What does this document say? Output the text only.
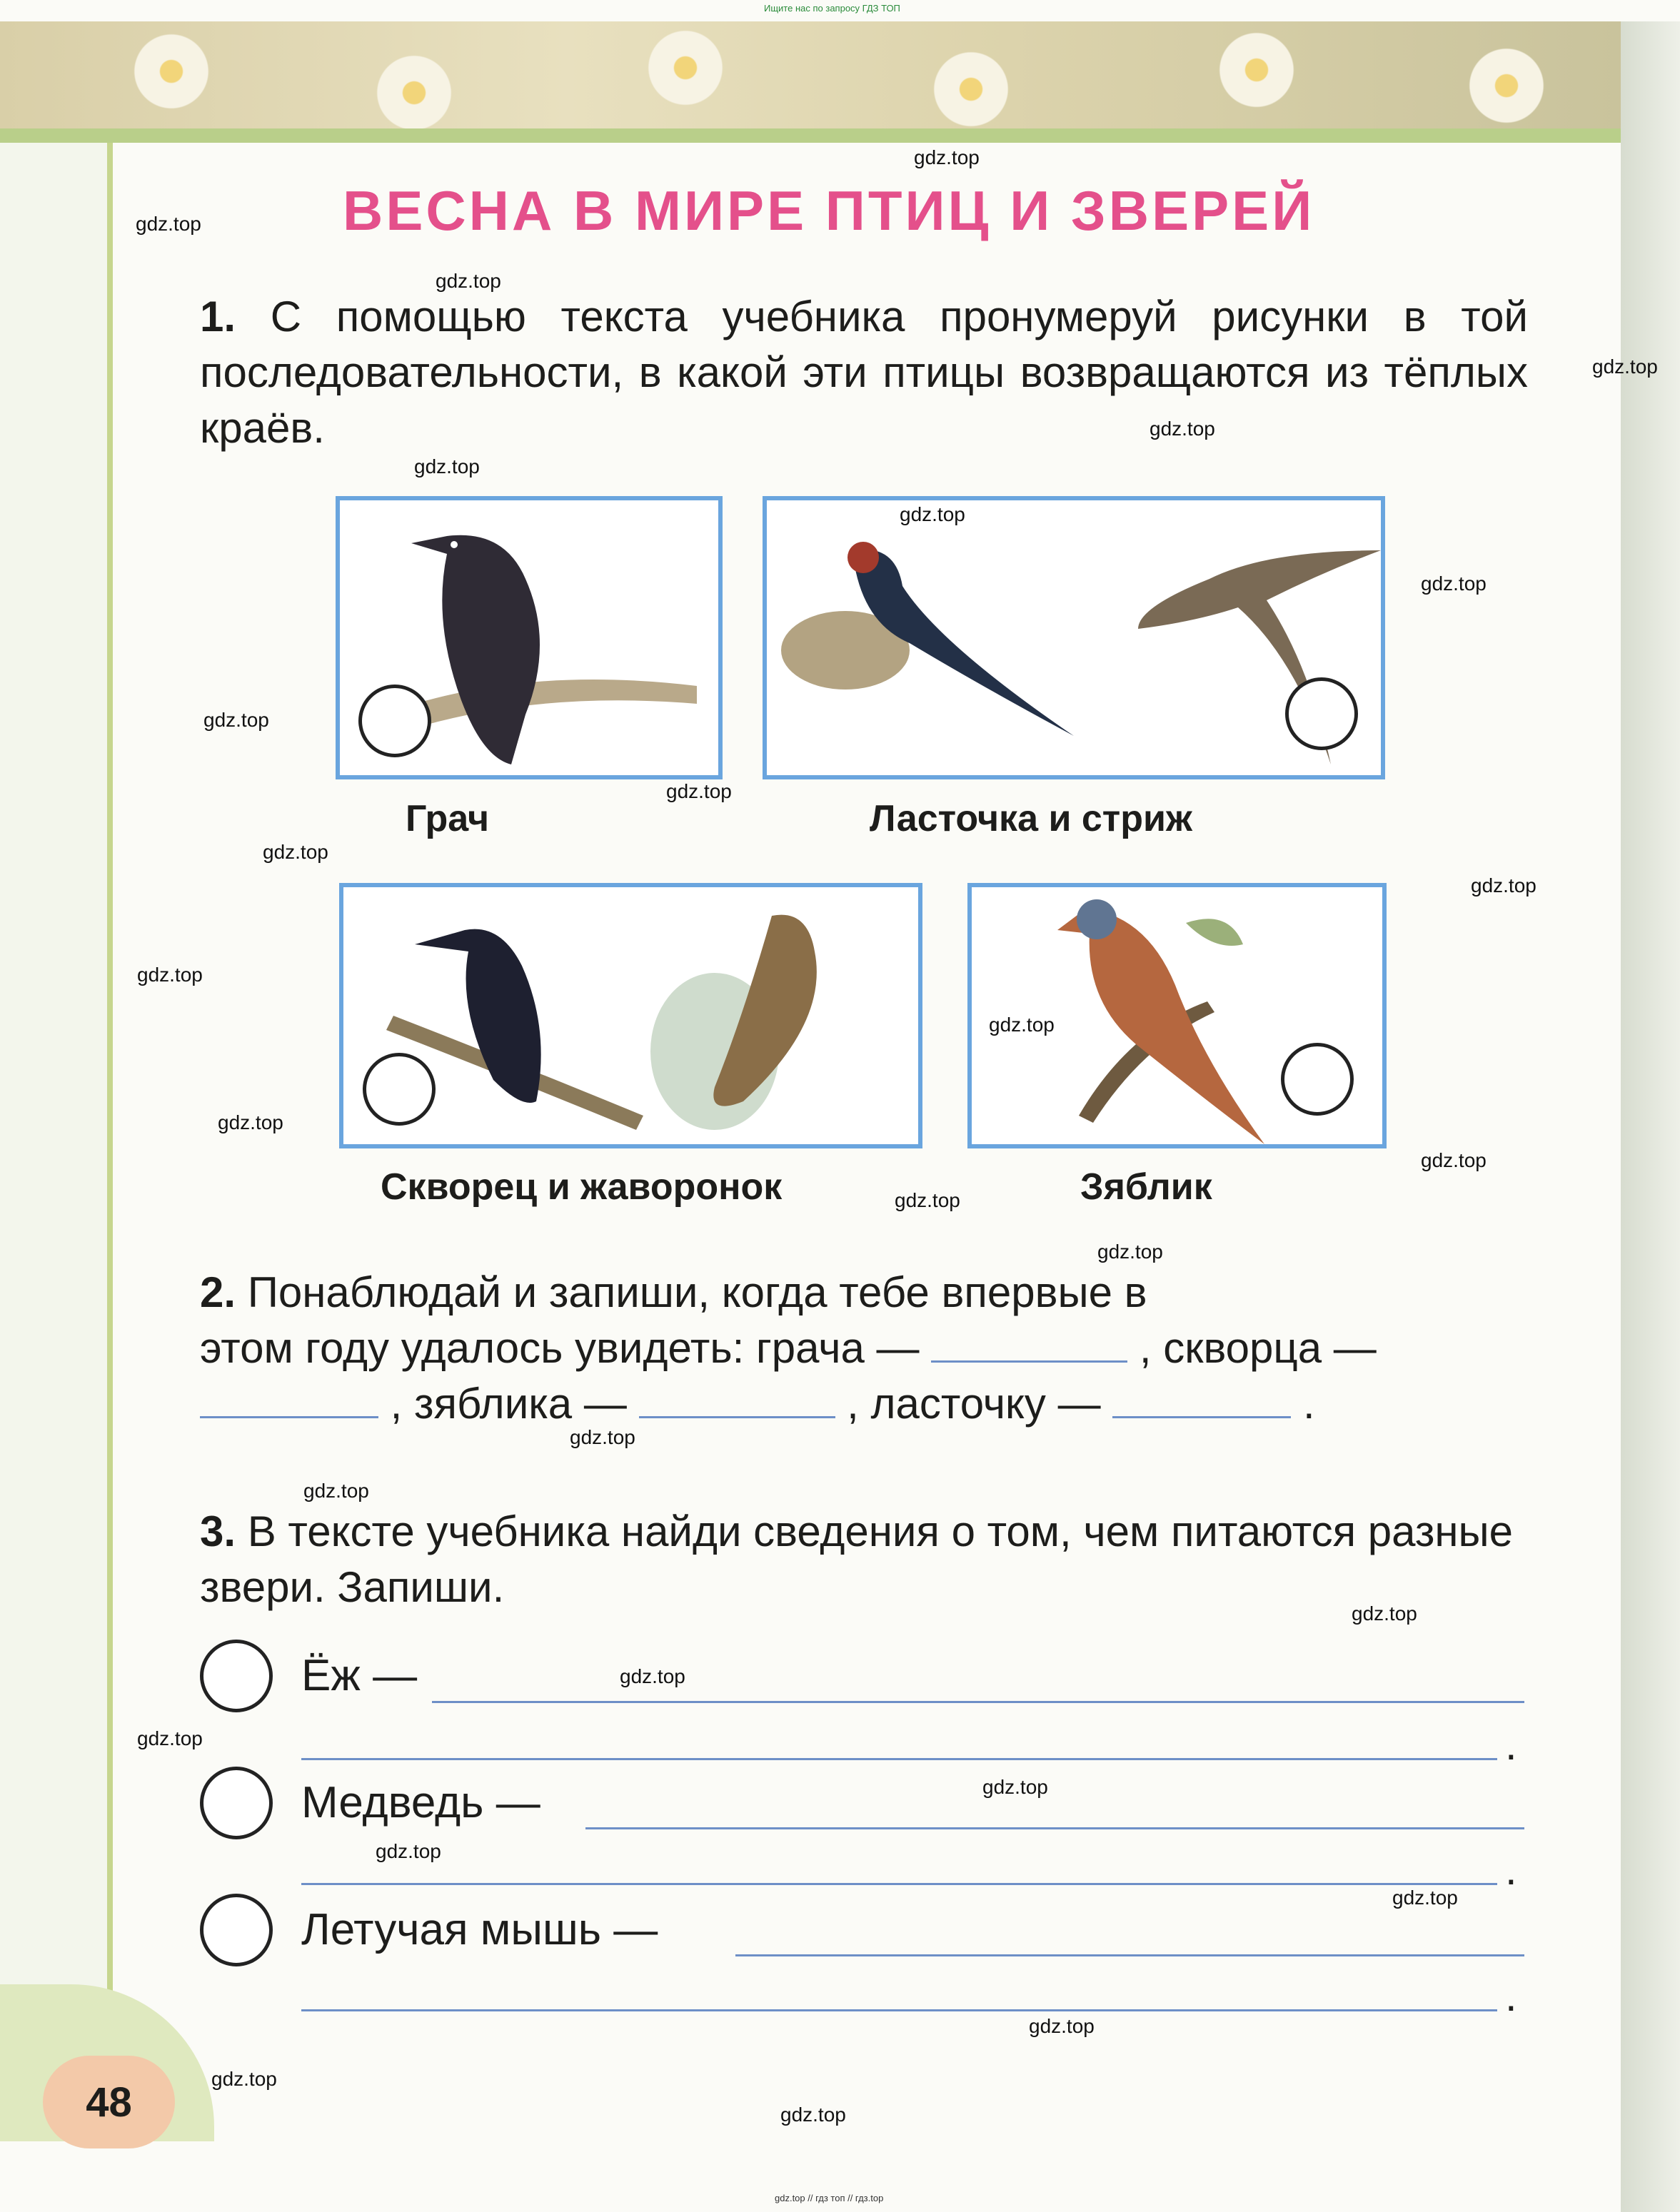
Ищите нас по запросу ГДЗ ТОП
ВЕСНА В МИРЕ ПТИЦ И ЗВЕРЕЙ
1. С помощью текста учебника пронумеруй рисунки в той последовательности, в какой эти птицы возвращаются из тёплых краёв.
Грач	Ласточка и стриж
Скворец и жаворонок	Зяблик
2. Понаблюдай и запиши, когда тебе впервые в
этом году удалось увидеть: грача —	, скворца —
, зяблика —	, ласточку —	.
3. В тексте учебника найди сведения о том, чем питаются разные звери. Запиши.
Ёж —
.
Медведь —
.
Летучая мышь —
.
48
gdz.top // гдз топ // гдз.top
gdz.top
gdz.top
gdz.top
gdz.top
gdz.top
gdz.top
gdz.top
gdz.top
gdz.top
gdz.top
gdz.top
gdz.top
gdz.top
gdz.top
gdz.top
gdz.top
gdz.top
gdz.top
gdz.top
gdz.top
gdz.top
gdz.top
gdz.top
gdz.top
gdz.top
gdz.top
gdz.top
gdz.top
gdz.top
